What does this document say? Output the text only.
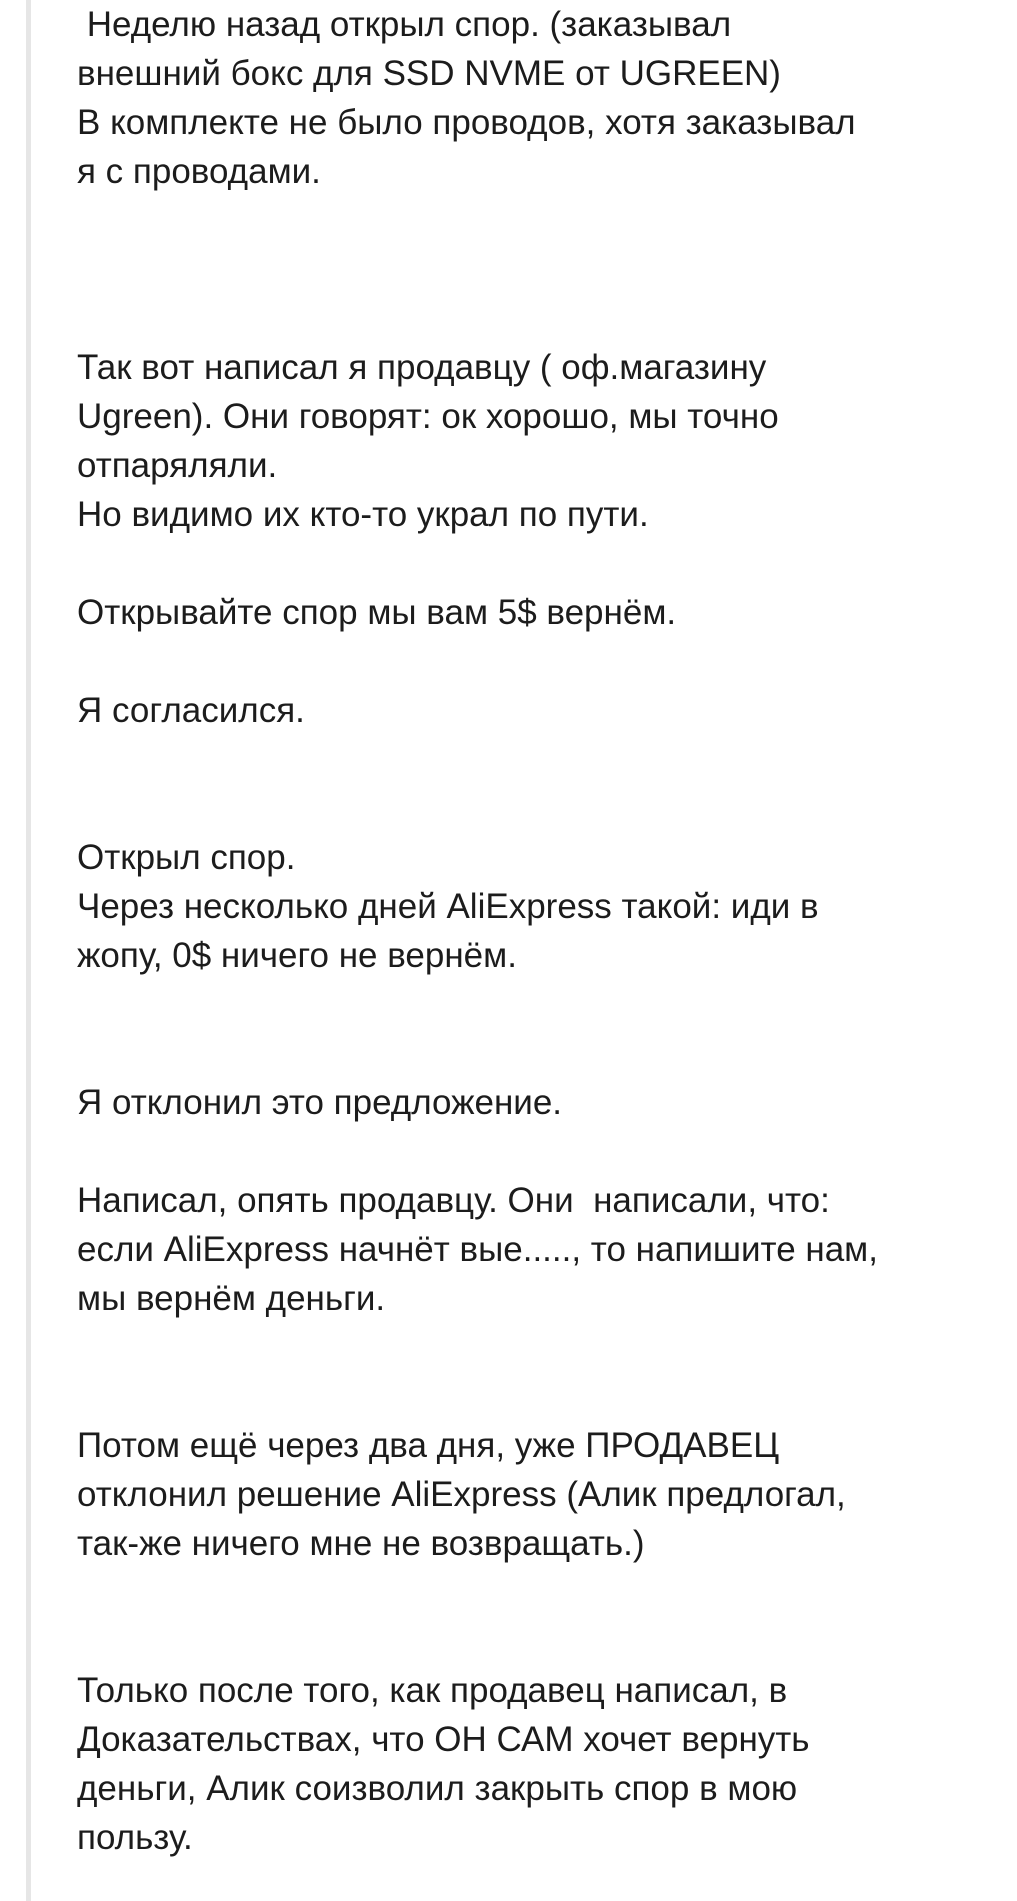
Неделю назад открыл спор. (заказывал
внешний бокс для SSD NVME от UGREEN)
В комплекте не было проводов, хотя заказывал
я с проводами.
Так вот написал я продавцу ( оф.магазину
Ugreen). Они говорят: ок хорошо, мы точно
отпаряляли.
Но видимо их кто-то украл по пути.
Открывайте спор мы вам 5$ вернём.
Я согласился.
Открыл спор.
Через несколько дней AliExpress такой: иди в
жопу, 0$ ничего не вернём.
Я отклонил это предложение.
Написал, опять продавцу. Они  написали, что:
если AliExpress начнёт вые....., то напишите нам,
мы вернём деньги.
Потом ещё через два дня, уже ПРОДАВЕЦ
отклонил решение AliExpress (Алик предлогал,
так-же ничего мне не возвращать.)
Только после того, как продавец написал, в
Доказательствах, что ОН САМ хочет вернуть
деньги, Алик соизволил закрыть спор в мою
пользу.
